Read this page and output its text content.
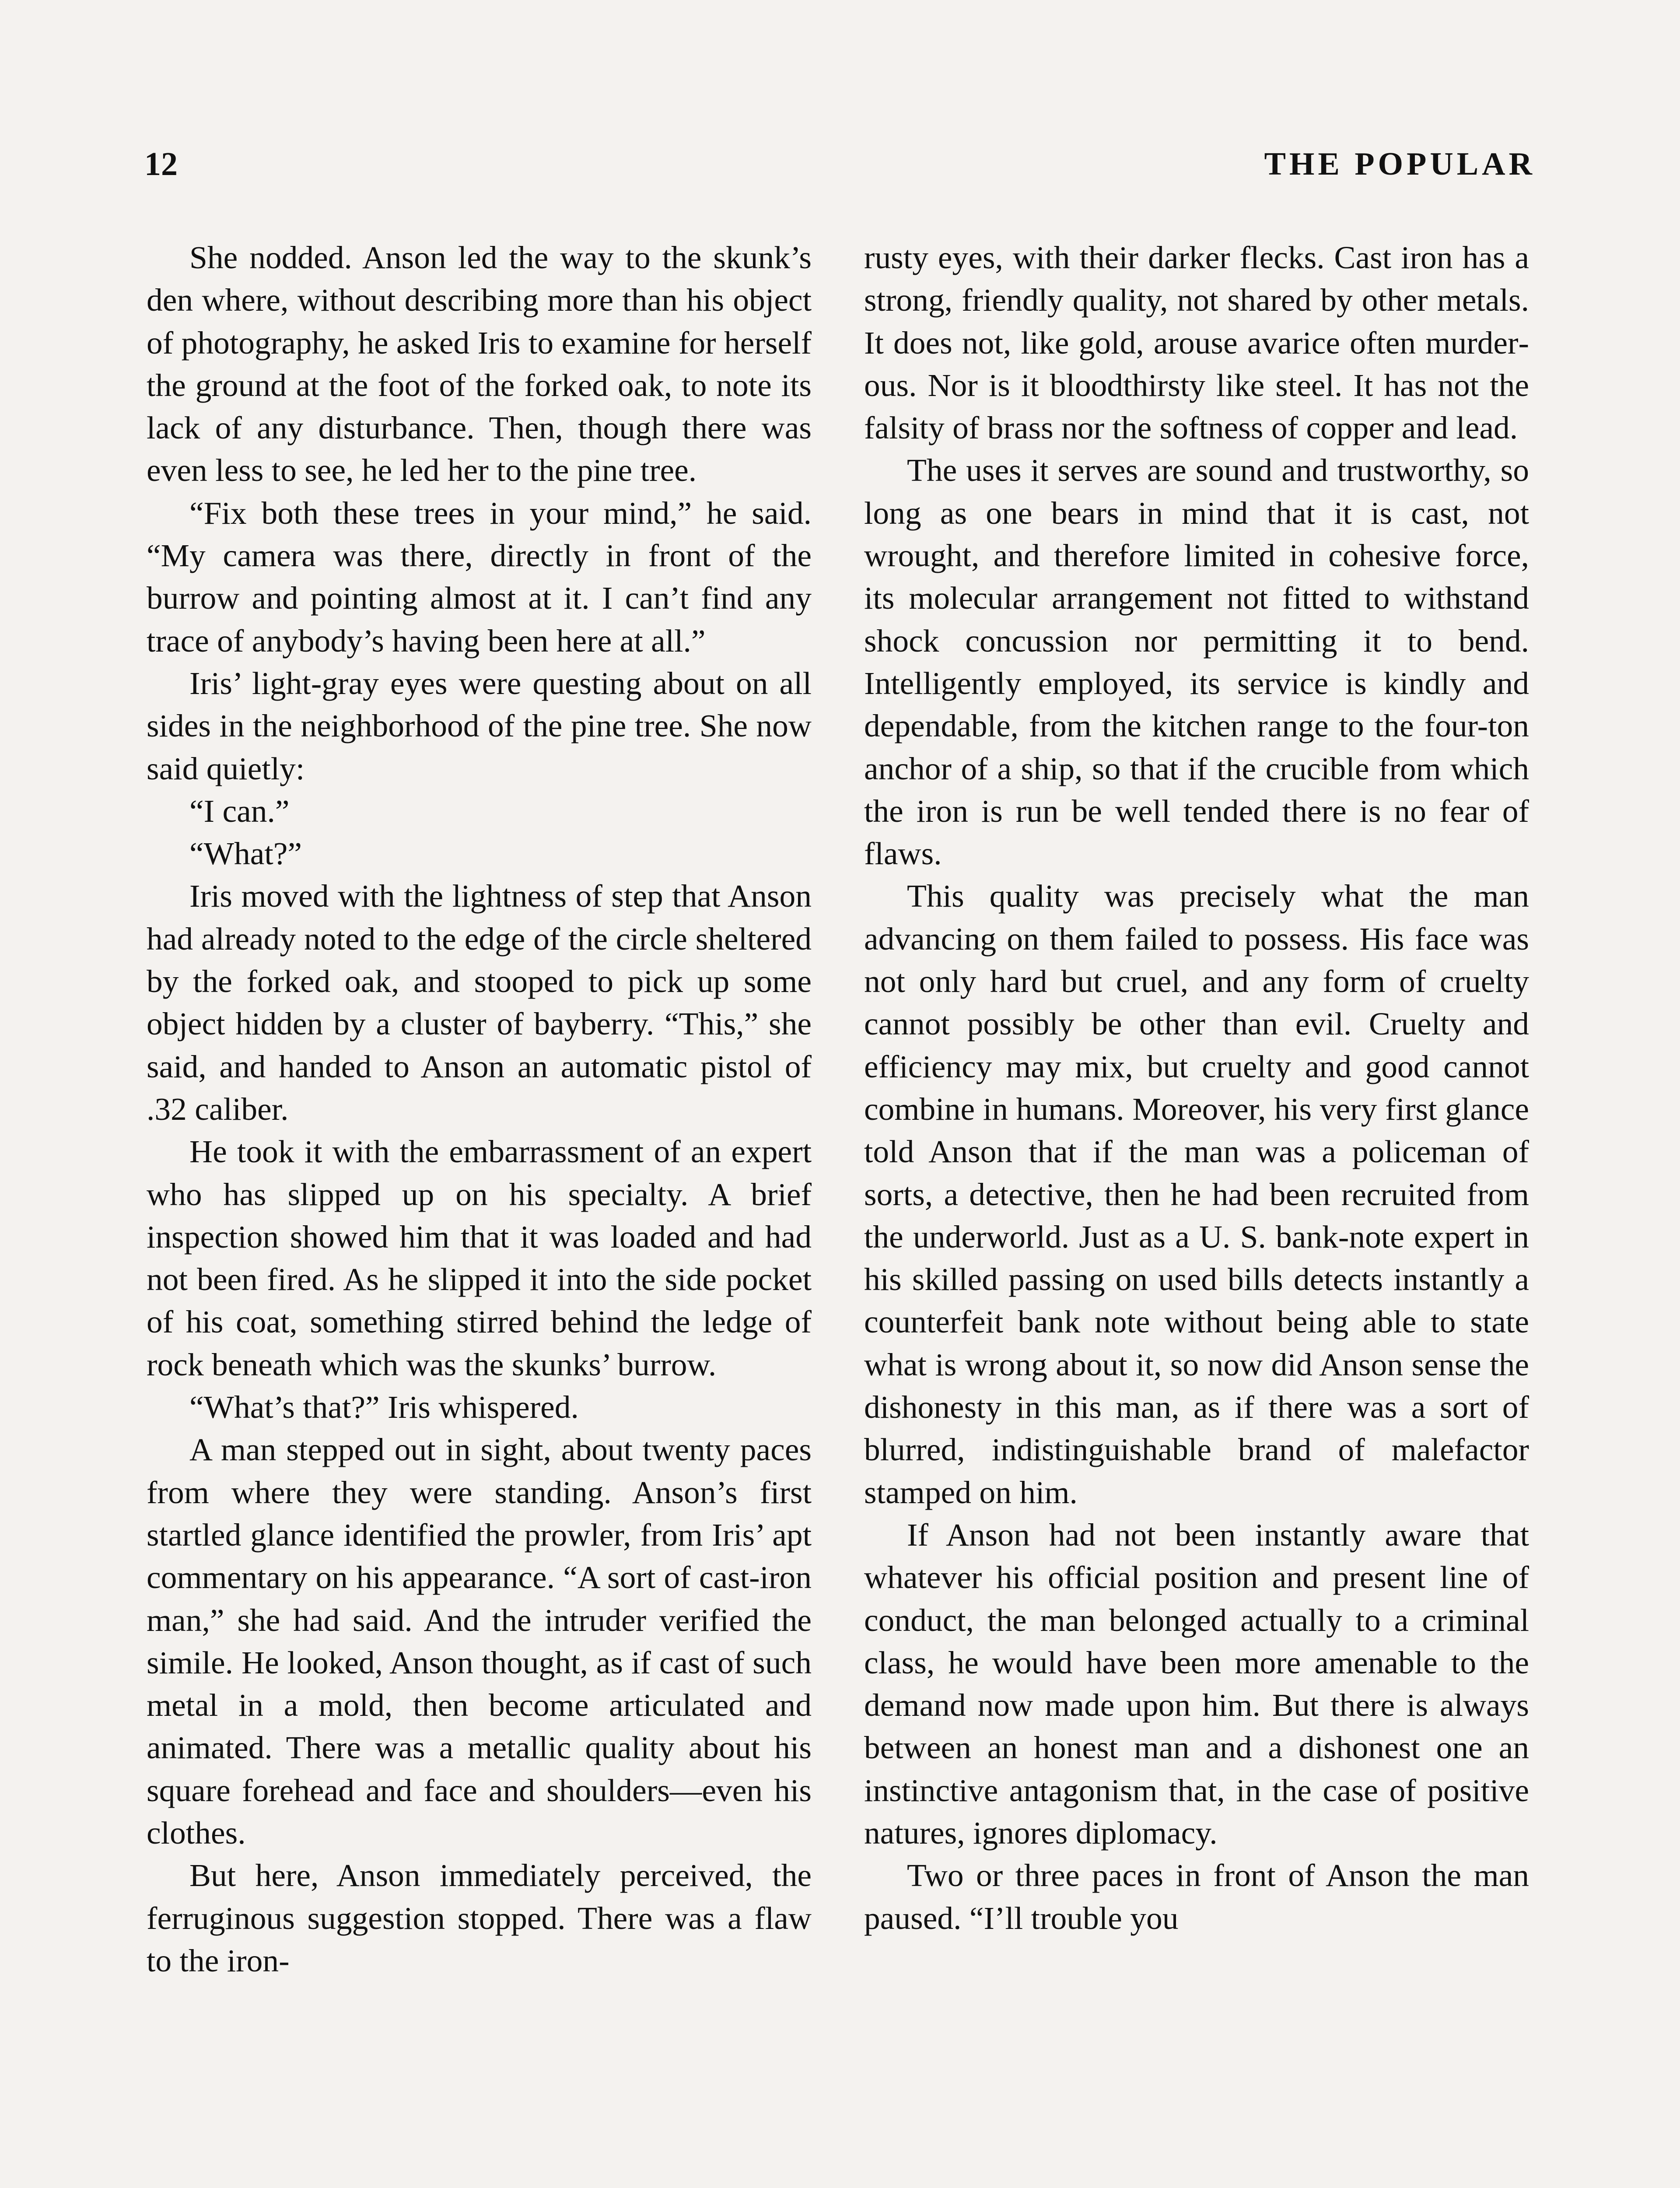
12	THE POPULAR

She nodded. Anson led the way to the skunk’s den where, without describing more than his object of photography, he asked Iris to examine for herself the ground at the foot of the forked oak, to note its lack of any disturbance. Then, though there was even less to see, he led her to the pine tree.

“Fix both these trees in your mind,” he said. “My camera was there, directly in front of the burrow and pointing almost at it. I can’t find any trace of anybody’s having been here at all.”

Iris’ light-gray eyes were questing about on all sides in the neighborhood of the pine tree. She now said quietly:

“I can.”

“What?”

Iris moved with the lightness of step that Anson had already noted to the edge of the circle sheltered by the forked oak, and stooped to pick up some object hidden by a cluster of bayberry. “This,” she said, and handed to Anson an automatic pistol of .32 caliber.

He took it with the embarrassment of an expert who has slipped up on his specialty. A brief inspection showed him that it was loaded and had not been fired. As he slipped it into the side pocket of his coat, something stirred behind the ledge of rock beneath which was the skunks’ burrow.

“What’s that?” Iris whispered.

A man stepped out in sight, about twenty paces from where they were standing. Anson’s first startled glance identified the prowler, from Iris’ apt commentary on his appearance. “A sort of cast-iron man,” she had said. And the intruder verified the simile. He looked, Anson thought, as if cast of such metal in a mold, then become articulated and animated. There was a metallic quality about his square forehead and face and shoulders—even his clothes.

But here, Anson immediately perceived, the ferruginous suggestion stopped. There was a flaw to the iron-

rusty eyes, with their darker flecks. Cast iron has a strong, friendly quality, not shared by other metals. It does not, like gold, arouse avarice often murderous. Nor is it bloodthirsty like steel. It has not the falsity of brass nor the softness of copper and lead.

The uses it serves are sound and trustworthy, so long as one bears in mind that it is cast, not wrought, and therefore limited in cohesive force, its molecular arrangement not fitted to withstand shock concussion nor permitting it to bend. Intelligently employed, its service is kindly and dependable, from the kitchen range to the four-ton anchor of a ship, so that if the crucible from which the iron is run be well tended there is no fear of flaws.

This quality was precisely what the man advancing on them failed to possess. His face was not only hard but cruel, and any form of cruelty cannot possibly be other than evil. Cruelty and efficiency may mix, but cruelty and good cannot combine in humans. Moreover, his very first glance told Anson that if the man was a policeman of sorts, a detective, then he had been recruited from the underworld. Just as a U. S. bank-note expert in his skilled passing on used bills detects instantly a counterfeit bank note without being able to state what is wrong about it, so now did Anson sense the dishonesty in this man, as if there was a sort of blurred, indistinguishable brand of malefactor stamped on him.

If Anson had not been instantly aware that whatever his official position and present line of conduct, the man belonged actually to a criminal class, he would have been more amenable to the demand now made upon him. But there is always between an honest man and a dishonest one an instinctive antagonism that, in the case of positive natures, ignores diplomacy.

Two or three paces in front of Anson the man paused. “I’ll trouble you
